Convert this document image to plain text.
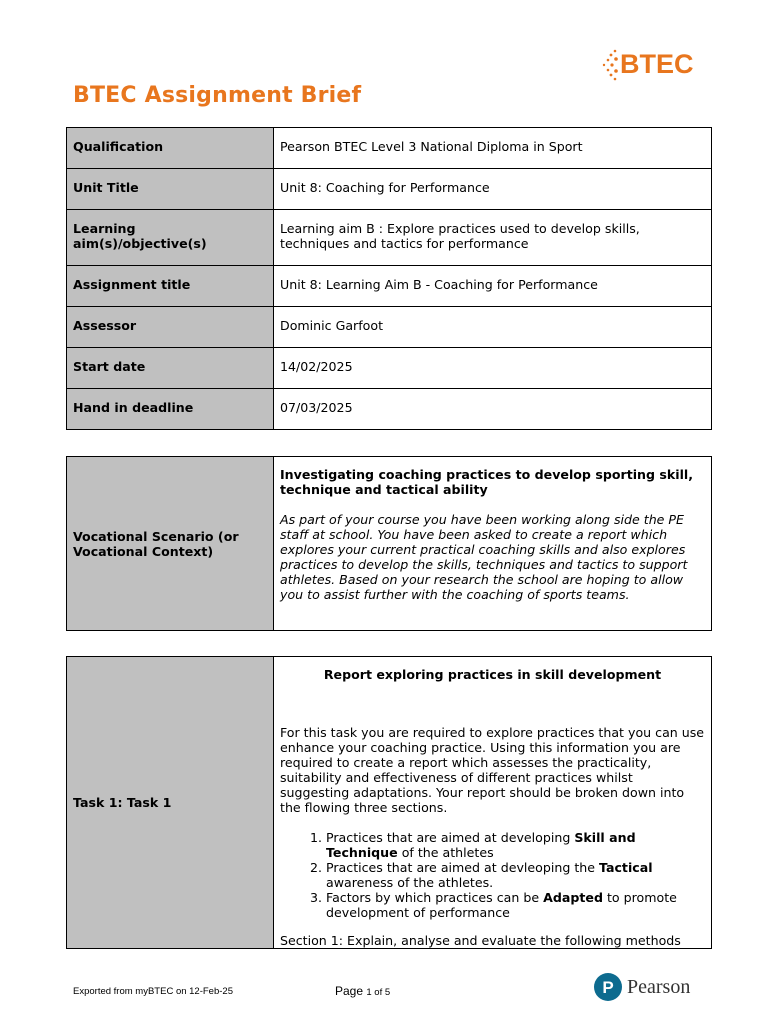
BTEC
BTEC Assignment Brief
Qualification	Pearson BTEC Level 3 National Diploma in Sport
Unit Title	Unit 8: Coaching for Performance
Learning aim(s)/objective(s)	Learning aim B : Explore practices used to develop skills, techniques and tactics for performance
Assignment title	Unit 8: Learning Aim B - Coaching for Performance
Assessor	Dominic Garfoot
Start date	14/02/2025
Hand in deadline	07/03/2025
Vocational Scenario (or Vocational Context)	

Investigating coaching practices to develop sporting skill, technique and tactical ability

As part of your course you have been working along side the PE staff at school. You have been asked to create a report which explores your current practical coaching skills and also explores practices to develop the skills, techniques and tactics to support athletes. Based on your research the school are hoping to allow you to assist further with the coaching of sports teams.

Task 1: Task 1	

Report exploring practices in skill development

For this task you are required to explore practices that you can use enhance your coaching practice. Using this information you are required to create a report which assesses the practicality, suitability and effectiveness of different practices whilst suggesting adaptations. Your report should be broken down into the flowing three sections.

1. Practices that are aimed at developing Skill and Technique of the athletes
2. Practices that are aimed at devleoping the Tactical awareness of the athletes.
3. Factors by which practices can be Adapted to promote development of performance

Section 1: Explain, analyse and evaluate the following methods

Exported from myBTEC on 12-Feb-25	Page 1 of 5	P Pearson
